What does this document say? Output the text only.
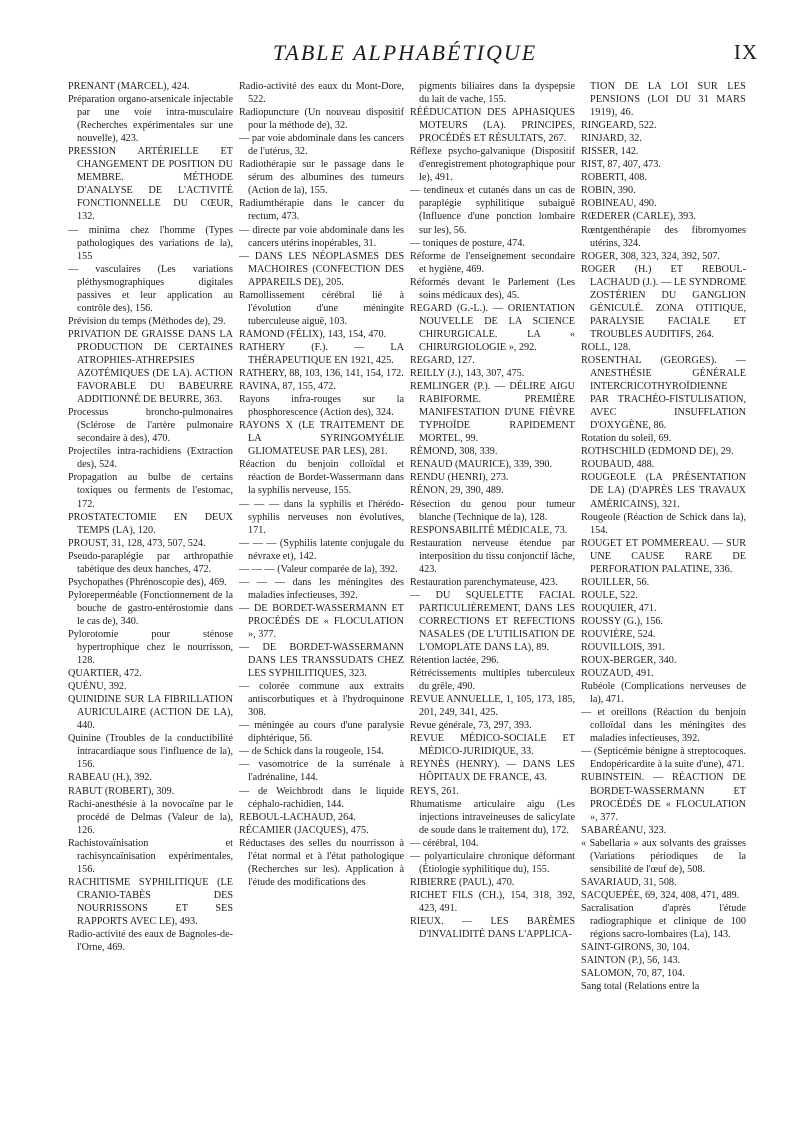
TABLE ALPHABÉTIQUE	IX

PRENANT (MARCEL), 424.

Préparation organo-arsenicale injectable par une voie intra-musculaire (Recherches expérimentales sur une nouvelle), 423.

PRESSION ARTÉRIELLE ET CHANGEMENT DE POSITION DU MEMBRE. MÉTHODE D'ANALYSE DE L'ACTIVITÉ FONCTIONNELLE DU CŒUR, 132.

— minima chez l'homme (Types pathologiques des variations de la), 155

— vasculaires (Les variations pléthysmographiques digitales passives et leur application au contrôle des), 156.

Prévision du temps (Méthodes de), 29.

PRIVATION DE GRAISSE DANS LA PRODUCTION DE CERTAINES ATROPHIES-ATHREPSIES AZOTÉMIQUES (DE LA). ACTION FAVORABLE DU BABEURRE ADDITIONNÉ DE BEURRE, 363.

Processus broncho-pulmonaires (Sclérose de l'artère pulmonaire secondaire à des), 470.

Projectiles intra-rachidiens (Extraction des), 524.

Propagation au bulbe de certains toxiques ou ferments de l'estomac, 172.

PROSTATECTOMIE EN DEUX TEMPS (LA), 120.

PROUST, 31, 128, 473, 507, 524.

Pseudo-paraplégie par arthropathie tabétique des deux hanches, 472.

Psychopathes (Phrénoscopie des), 469.

Pyloreperméable (Fonctionnement de la bouche de gastro-entérostomie dans le cas de), 340.

Pylorotomie pour sténose hypertrophique chez le nourrisson, 128.

QUARTIER, 472.

QUÉNU, 392.

QUINIDINE SUR LA FIBRILLATION AURICULAIRE (ACTION DE LA), 440.

Quinine (Troubles de la conductibilité intracardiaque sous l'influence de la), 156.

RABEAU (H.), 392.

RABUT (ROBERT), 309.

Rachi-anesthésie à la novocaïne par le procédé de Delmas (Valeur de la), 126.

Rachistovaïnisation et rachisyncaïnisation expérimentales, 156.

RACHITISME SYPHILITIQUE (LE CRANIO-TABÈS DES NOURRISSONS ET SES RAPPORTS AVEC LE), 493.

Radio-activité des eaux de Bagnoles-de-l'Orne, 469.

Radio-activité des eaux du Mont-Dore, 522.

Radiopuncture (Un nouveau dispositif pour la méthode de), 32.

— par voie abdominale dans les cancers de l'utérus, 32.

Radiothérapie sur le passage dans le sérum des albumines des tumeurs (Action de la), 155.

Radiumthérapie dans le cancer du rectum, 473.

— directe par voie abdominale dans les cancers utérins inopérables, 31.

— DANS LES NÉOPLASMES DES MACHOIRES (CONFECTION DES APPAREILS DE), 205.

Ramollissement cérébral lié à l'évolution d'une méningite tuberculeuse aiguë, 103.

RAMOND (FÉLIX), 143, 154, 470.

RATHERY (F.). — LA THÉRAPEUTIQUE EN 1921, 425.

RATHERY, 88, 103, 136, 141, 154, 172.

RAVINA, 87, 155, 472.

Rayons infra-rouges sur la phosphorescence (Action des), 324.

RAYONS X (LE TRAITEMENT DE LA SYRINGOMYÉLIE GLIOMATEUSE PAR LES), 281.

Réaction du benjoin colloïdal et réaction de Bordet-Wassermann dans la syphilis nerveuse, 155.

— — — dans la syphilis et l'hérédo-syphilis nerveuses non évolutives, 171.

— — — (Syphilis latente conjugale du névraxe et), 142.

— — — (Valeur comparée de la), 392.

— — — dans les méningites des maladies infectieuses, 392.

— DE BORDET-WASSERMANN ET PROCÉDÉS DE « FLOCULATION », 377.

— DE BORDET-WASSERMANN DANS LES TRANSSUDATS CHEZ LES SYPHILITIQUES, 323.

— colorée commune aux extraits antiscorbutiques et à l'hydroquinone 308.

— méningée au cours d'une paralysie diphtérique, 56.

— de Schick dans la rougeole, 154.

— vasomotrice de la surrénale à l'adrénaline, 144.

— de Weichbrodt dans le liquide céphalo-rachidien, 144.

REBOUL-LACHAUD, 264.

RÉCAMIER (JACQUES), 475.

Réductases des selles du nourrisson à l'état normal et à l'état pathologique (Recherches sur les). Application à l'étude des modifications des

pigments biliaires dans la dyspepsie du lait de vache, 155.

RÉÉDUCATION DES APHASIQUES MOTEURS (LA). PRINCIPES, PROCÉDÉS ET RÉSULTATS, 267.

Réflexe psycho-galvanique (Dispositif d'enregistrement photographique pour le), 491.

— tendineux et cutanés dans un cas de paraplégie syphilitique subaiguë (Influence d'une ponction lombaire sur les), 56.

— toniques de posture, 474.

Réforme de l'enseignement secondaire et hygiène, 469.

Réformés devant le Parlement (Les soins médicaux des), 45.

REGARD (G.-L.). — ORIENTATION NOUVELLE DE LA SCIENCE CHIRURGICALE. LA « CHIRURGIOLOGIE », 292.

REGARD, 127.

REILLY (J.), 143, 307, 475.

REMLINGER (P.). — DÉLIRE AIGU RABIFORME. PREMIÈRE MANIFESTATION D'UNE FIÈVRE TYPHOÏDE RAPIDEMENT MORTEL, 99.

RÉMOND, 308, 339.

RENAUD (MAURICE), 339, 390.

RENDU (HENRI), 273.

RÉNON, 29, 390, 489.

Résection du genou pour tumeur blanche (Technique de la), 128.

RESPONSABILITÉ MÉDICALE, 73.

Restauration nerveuse étendue par interposition du tissu conjonctif lâche, 423.

Restauration parenchymateuse, 423.

— DU SQUELETTE FACIAL PARTICULIÈREMENT, DANS LES CORRECTIONS ET REFECTIONS NASALES (DE L'UTILISATION DE L'OMOPLATE DANS LA), 89.

Rétention lactée, 296.

Rétrécissements multiples tuberculeux du grêle, 490.

REVUE ANNUELLE, 1, 105, 173, 185, 201, 249, 341, 425.

Revue générale, 73, 297, 393.

REVUE MÉDICO-SOCIALE ET MÉDICO-JURIDIQUE, 33.

REYNÈS (HENRY). — DANS LES HÔPITAUX DE FRANCE, 43.

REYS, 261.

Rhumatisme articulaire aigu (Les injections intraveineuses de salicylate de soude dans le traitement du), 172.

— cérébral, 104.

— polyarticulaire chronique déformant (Étiologie syphilitique du), 155.

RIBIERRE (PAUL), 470.

RICHET FILS (CH.), 154, 318, 392, 423, 491.

RIEUX. — LES BARÈMES D'INVALIDITÉ DANS L'APPLICA-

TION DE LA LOI SUR LES PENSIONS (LOI DU 31 MARS 1919), 46.

RINGEARD, 522.

RINJARD, 32.

RISSER, 142.

RIST, 87, 407, 473.

ROBERTI, 408.

ROBIN, 390.

ROBINEAU, 490.

RŒDERER (CARLE), 393.

Rœntgenthérapie des fibromyomes utérins, 324.

ROGER, 308, 323, 324, 392, 507.

ROGER (H.) ET REBOUL-LACHAUD (J.). — LE SYNDROME ZOSTÉRIEN DU GANGLION GÉNICULÉ. ZONA OTITIQUE, PARALYSIE FACIALE ET TROUBLES AUDITIFS, 264.

ROLL, 128.

ROSENTHAL (GEORGES). — ANESTHÉSIE GÉNÉRALE INTERCRICOTHYROÏDIENNE PAR TRACHÉO-FISTULISATION, AVEC INSUFFLATION D'OXYGÈNE, 86.

Rotation du soleil, 69.

ROTHSCHILD (EDMOND DE), 29.

ROUBAUD, 488.

ROUGEOLE (LA PRÉSENTATION DE LA) (D'APRÈS LES TRAVAUX AMÉRICAINS), 321.

Rougeole (Réaction de Schick dans la), 154.

ROUGET ET POMMEREAU. — SUR UNE CAUSE RARE DE PERFORATION PALATINE, 336.

ROUILLER, 56.

ROULE, 522.

ROUQUIER, 471.

ROUSSY (G.), 156.

ROUVIÈRE, 524.

ROUVILLOIS, 391.

ROUX-BERGER, 340.

ROUZAUD, 491.

Rubéole (Complications nerveuses de la), 471.

— et oreillons (Réaction du benjoin colloïdal dans les méningites des maladies infectieuses, 392.

— (Septicémie bénigne à streptocoques. Endopéricardite à la suite d'une), 471.

RUBINSTEIN. — RÉACTION DE BORDET-WASSERMANN ET PROCÉDÉS DE « FLOCULATION », 377.

SABARÉANU, 323.

« Sabellaria » aux solvants des graisses (Variations périodiques de la sensibilité de l'œuf de), 508.

SAVARIAUD, 31, 508.

SACQUEPÉE, 69, 324, 408, 471, 489.

Sacralisation d'après l'étude radiographique et clinique de 100 régions sacro-lombaires (La), 143.

SAINT-GIRONS, 30, 104.

SAINTON (P.), 56, 143.

SALOMON, 70, 87, 104.

Sang total (Relations entre la
